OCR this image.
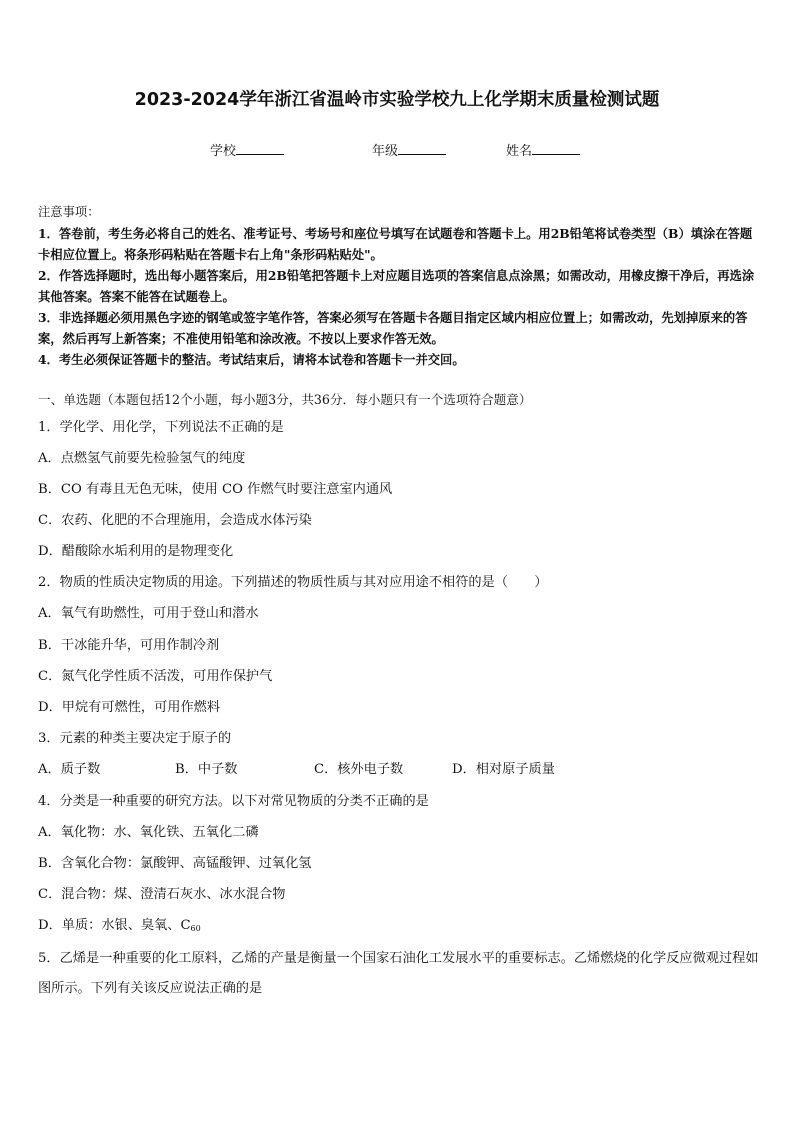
2023-2024学年浙江省温岭市实验学校九上化学期末质量检测试题
学校	年级	姓名
注意事项：
1．答卷前，考生务必将自己的姓名、准考证号、考场号和座位号填写在试题卷和答题卡上。用2B铅笔将试卷类型（B）填涂在答题卡相应位置上。将条形码粘贴在答题卡右上角"条形码粘贴处"。
2．作答选择题时，选出每小题答案后，用2B铅笔把答题卡上对应题目选项的答案信息点涂黑；如需改动，用橡皮擦干净后，再选涂其他答案。答案不能答在试题卷上。
3．非选择题必须用黑色字迹的钢笔或签字笔作答，答案必须写在答题卡各题目指定区域内相应位置上；如需改动，先划掉原来的答案，然后再写上新答案；不准使用铅笔和涂改液。不按以上要求作答无效。
4．考生必须保证答题卡的整洁。考试结束后，请将本试卷和答题卡一并交回。
一、单选题（本题包括12个小题，每小题3分，共36分．每小题只有一个选项符合题意）
1．学化学、用化学，下列说法不正确的是
A．点燃氢气前要先检验氢气的纯度
B．CO 有毒且无色无味，使用 CO 作燃气时要注意室内通风
C．农药、化肥的不合理施用，会造成水体污染
D．醋酸除水垢利用的是物理变化
2．物质的性质决定物质的用途。下列描述的物质性质与其对应用途不相符的是（　　）
A．氧气有助燃性，可用于登山和潜水
B．干冰能升华，可用作制冷剂
C．氮气化学性质不活泼，可用作保护气
D．甲烷有可燃性，可用作燃料
3．元素的种类主要决定于原子的
A．质子数	B．中子数	C．核外电子数	D．相对原子质量
4．分类是一种重要的研究方法。以下对常见物质的分类不正确的是
A．氧化物：水、氧化铁、五氧化二磷
B．含氧化合物：氯酸钾、高锰酸钾、过氧化氢
C．混合物：煤、澄清石灰水、冰水混合物
D．单质：水银、臭氧、$C_{60}$
5．乙烯是一种重要的化工原料，乙烯的产量是衡量一个国家石油化工发展水平的重要标志。乙烯燃烧的化学反应微观过程如图所示。下列有关该反应说法正确的是
